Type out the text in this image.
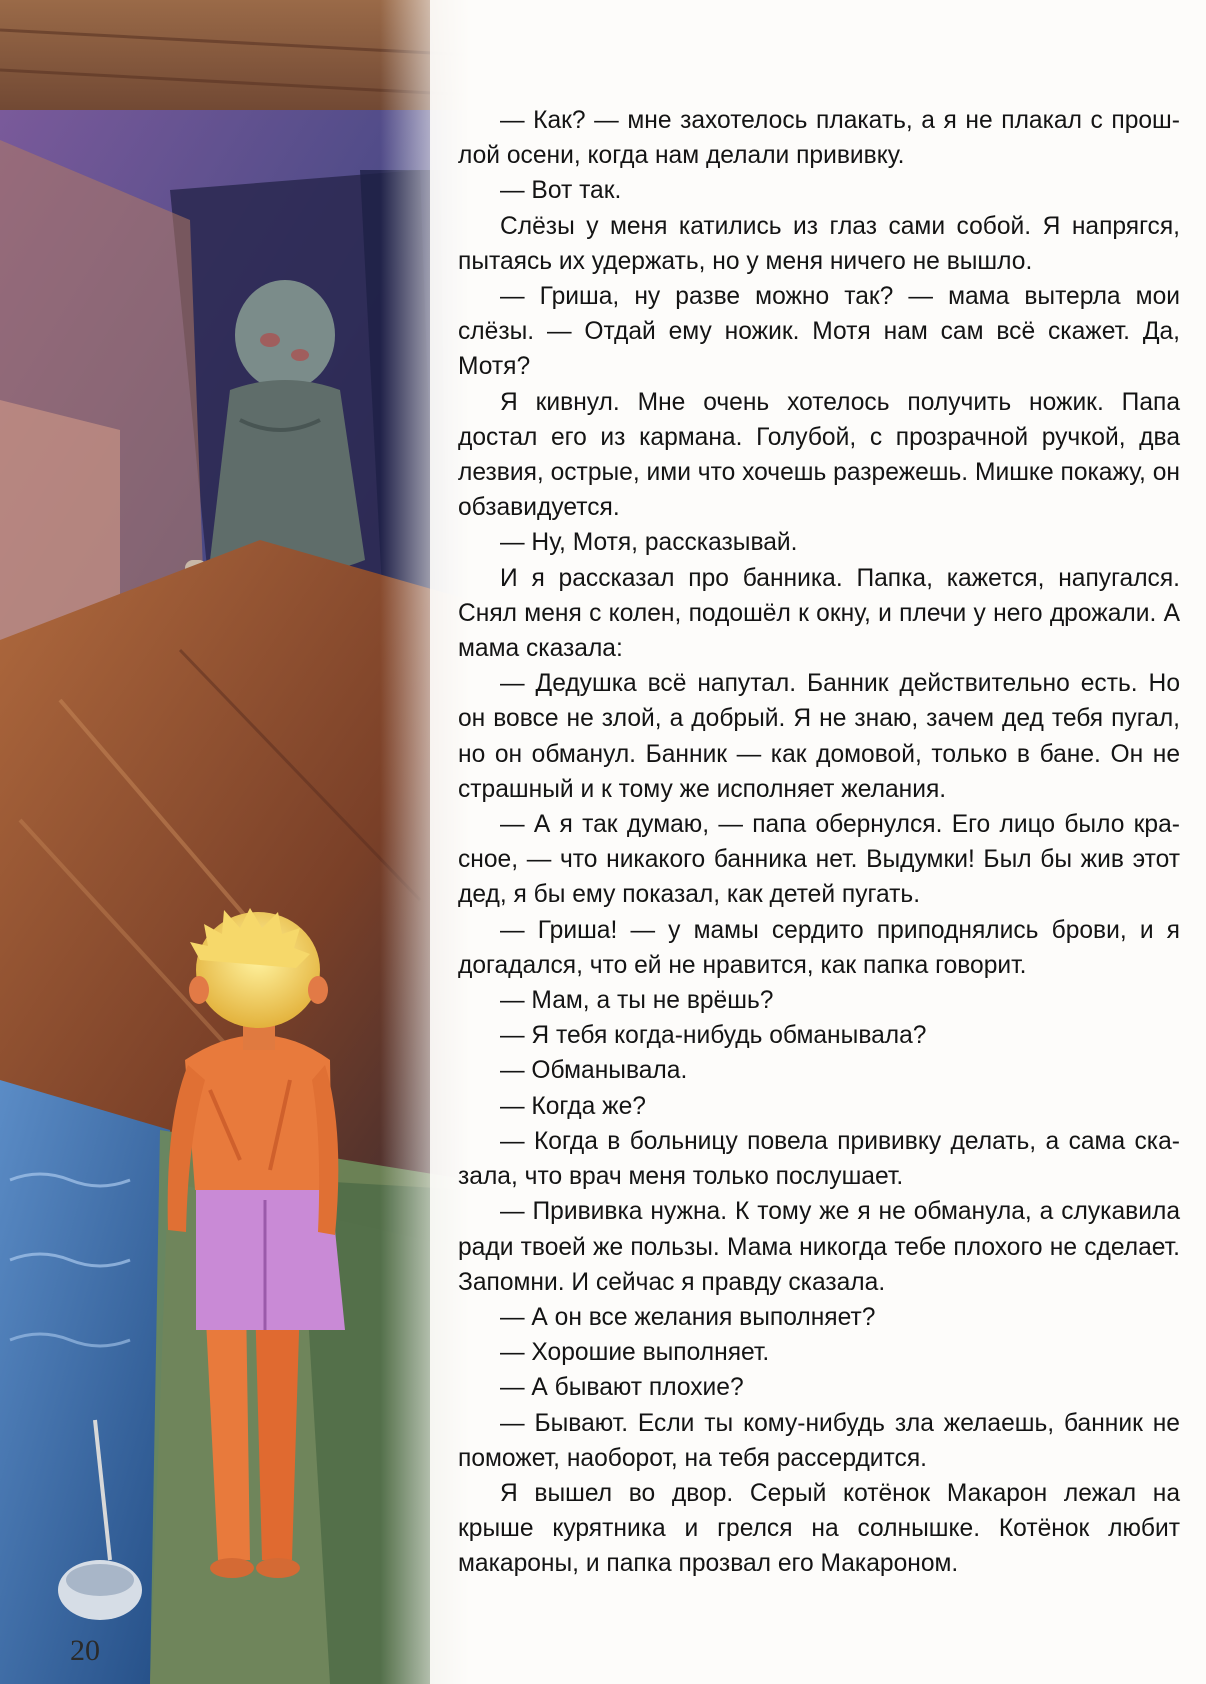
20

— Как? — мне захотелось плакать, а я не плакал с прошлой осени, когда нам делали прививку.

— Вот так.

Слёзы у меня катились из глаз сами собой. Я напрягся, пытаясь их удержать, но у меня ничего не вышло.

— Гриша, ну разве можно так? — мама вытерла мои слёзы. — Отдай ему ножик. Мотя нам сам всё скажет. Да, Мотя?

Я кивнул. Мне очень хотелось получить ножик. Папа достал его из кармана. Голубой, с прозрачной ручкой, два лезвия, острые, ими что хочешь разрежешь. Мишке покажу, он обзавидуется.

— Ну, Мотя, рассказывай.

И я рассказал про банника. Папка, кажется, напугался. Снял меня с колен, подошёл к окну, и плечи у него дрожали. А мама сказала:

— Дедушка всё напутал. Банник действительно есть. Но он вовсе не злой, а добрый. Я не знаю, зачем дед тебя пугал, но он обманул. Банник — как домовой, только в бане. Он не страшный и к тому же исполняет желания.

— А я так думаю, — папа обернулся. Его лицо было красное, — что никакого банника нет. Выдумки! Был бы жив этот дед, я бы ему показал, как детей пугать.

— Гриша! — у мамы сердито приподнялись брови, и я догадался, что ей не нравится, как папка говорит.

— Мам, а ты не врёшь?

— Я тебя когда-нибудь обманывала?

— Обманывала.

— Когда же?

— Когда в больницу повела прививку делать, а сама сказала, что врач меня только послушает.

— Прививка нужна. К тому же я не обманула, а слукавила ради твоей же пользы. Мама никогда тебе плохого не сделает. Запомни. И сейчас я правду сказала.

— А он все желания выполняет?

— Хорошие выполняет.

— А бывают плохие?

— Бывают. Если ты кому-нибудь зла желаешь, банник не поможет, наоборот, на тебя рассердится.

Я вышел во двор. Серый котёнок Макарон лежал на крыше курятника и грелся на солнышке. Котёнок любит макароны, и папка прозвал его Макароном.
